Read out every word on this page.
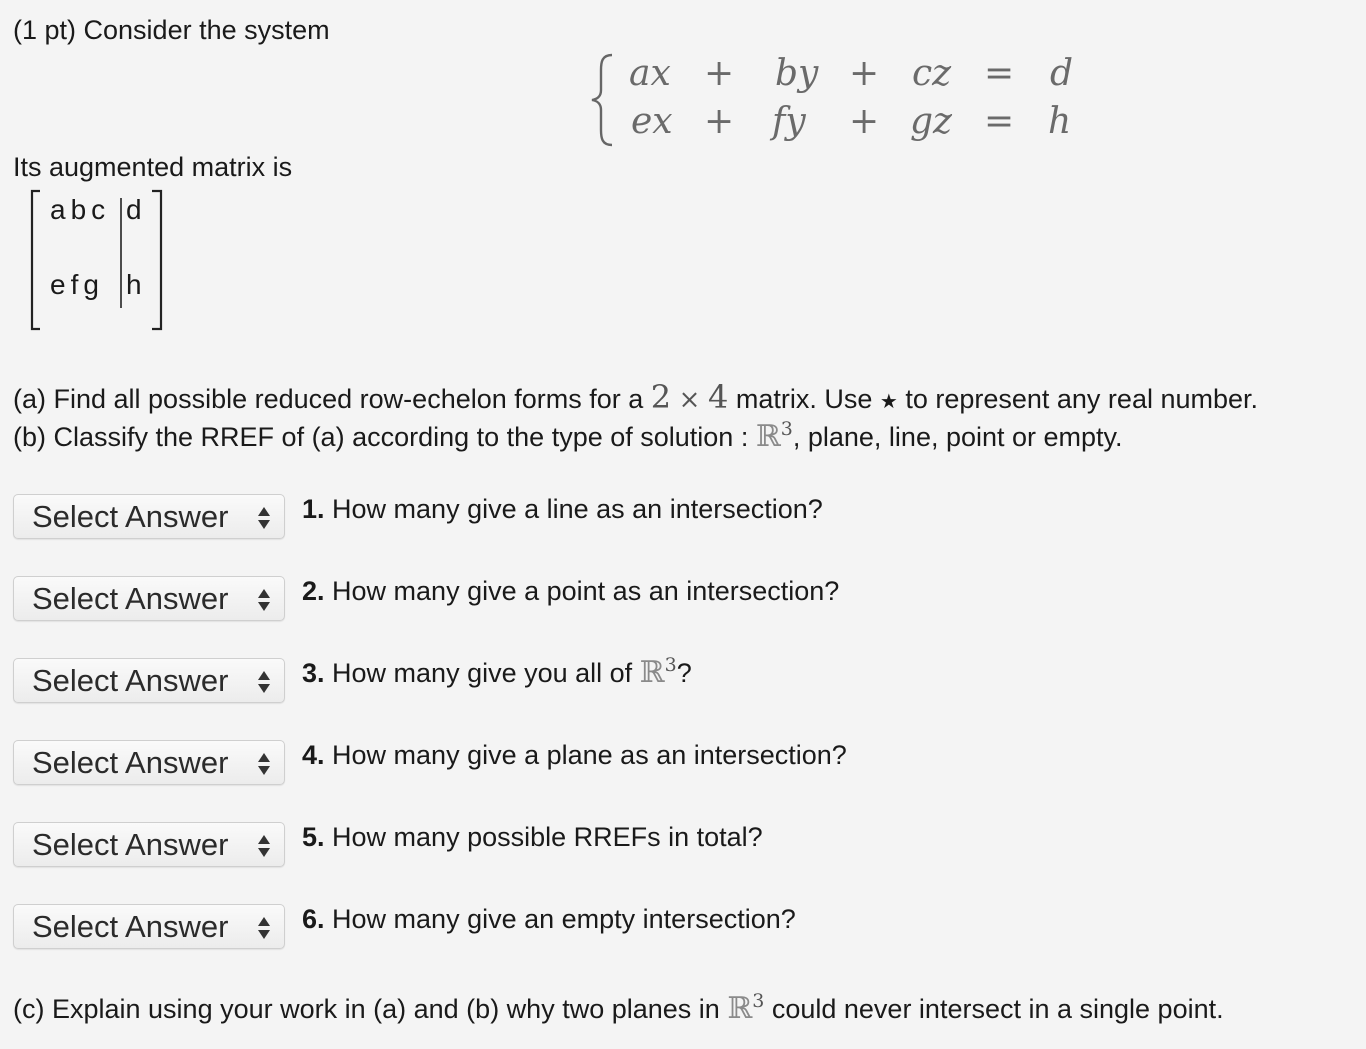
(1 pt) Consider the system
ax + by + cz = d
ex + fy + gz = h
Its augmented matrix is
abc d
efg h
(a) Find all possible reduced row-echelon forms for a 2 × 4 matrix. Use ★ to represent any real number.
(b) Classify the RREF of (a) according to the type of solution : ℝ$^3$, plane, line, point or empty.
Select Answer	1. How many give a line as an intersection?
Select Answer	2. How many give a point as an intersection?
Select Answer	3. How many give you all of ℝ$^3$?
Select Answer	4. How many give a plane as an intersection?
Select Answer	5. How many possible RREFs in total?
Select Answer	6. How many give an empty intersection?
(c) Explain using your work in (a) and (b) why two planes in ℝ$^3$ could never intersect in a single point.
